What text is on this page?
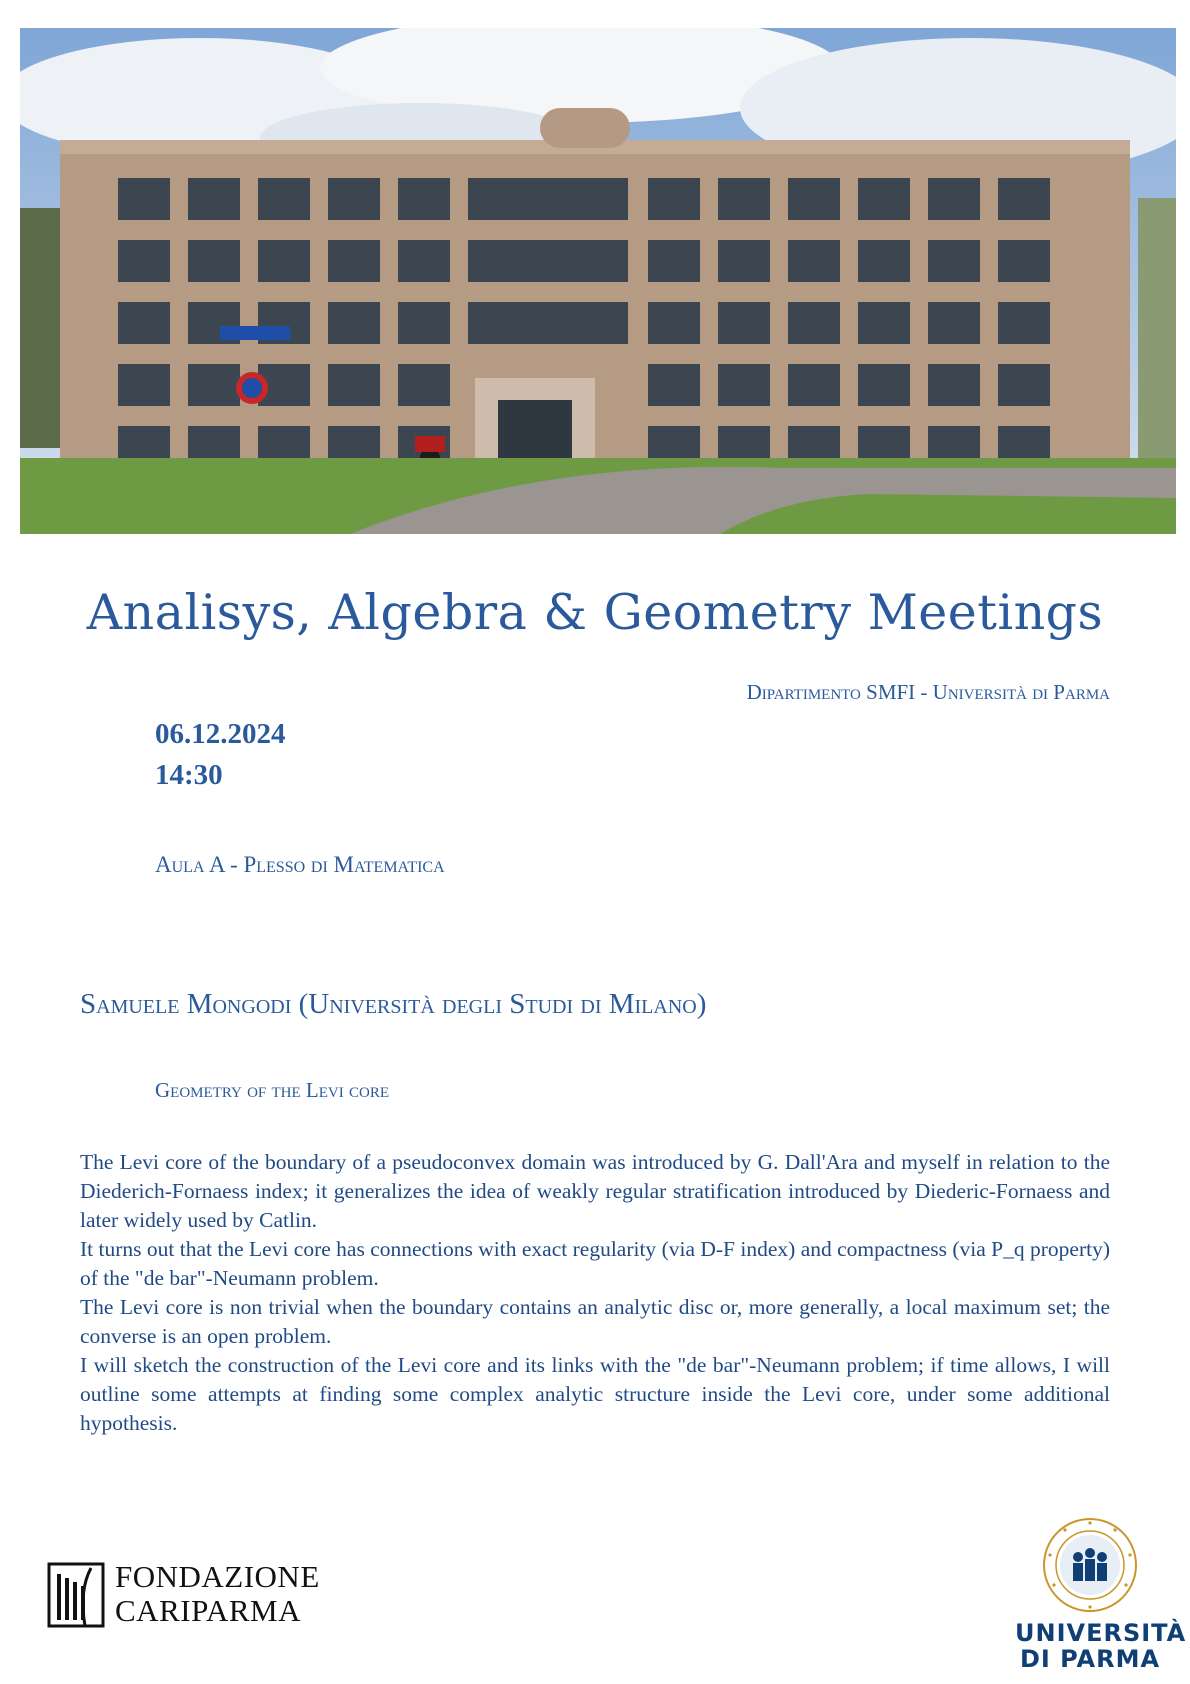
Analisys, Algebra & Geometry Meetings
Dipartimento SMFI - Università di Parma
06.12.2024
14:30
Aula A - Plesso di Matematica
Samuele Mongodi (Università degli Studi di Milano)
Geometry of the Levi core

The Levi core of the boundary of a pseudoconvex domain was introduced by G. Dall'Ara and myself in relation to the Diederich-Fornaess index; it generalizes the idea of weakly regular stratification introduced by Diederic-Fornaess and later widely used by Catlin.

It turns out that the Levi core has connections with exact regularity (via D-F index) and compactness (via P_q property) of the "de bar"-Neumann problem.

The Levi core is non trivial when the boundary contains an analytic disc or, more generally, a local maximum set; the converse is an open problem.

I will sketch the construction of the Levi core and its links with the "de bar"-Neumann problem; if time allows, I will outline some attempts at finding some complex analytic structure inside the Levi core, under some additional hypothesis.

FONDAZIONE
CARIPARMA
UNIVERSITÀ
DI PARMA
